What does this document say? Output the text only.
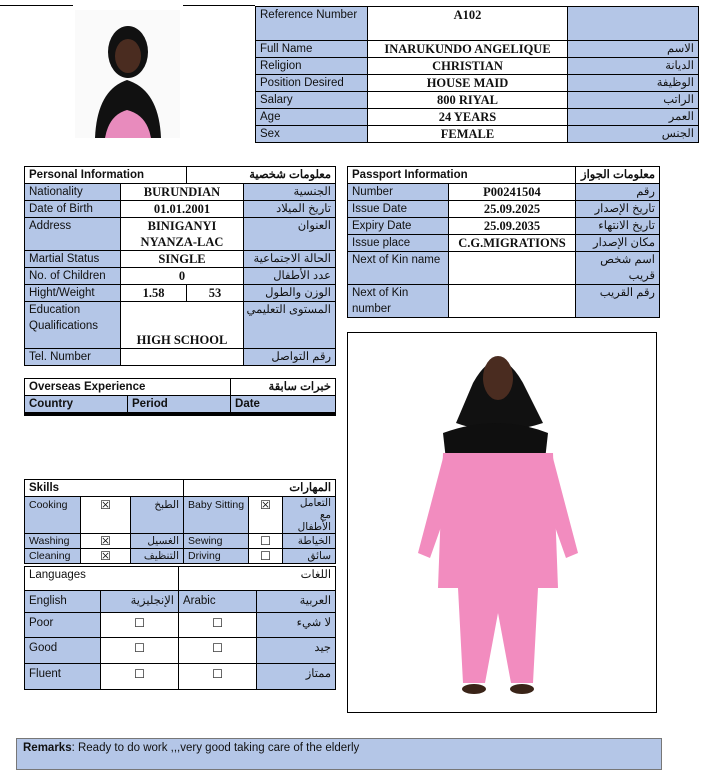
Reference Number	A102	
Full Name	INARUKUNDO ANGELIQUE	الاسم
Religion	CHRISTIAN	الديانة
Position Desired	HOUSE MAID	الوظيفة
Salary	800 RIYAL	الراتب
Age	24 YEARS	العمر
Sex	FEMALE	الجنس
Personal Information		معلومات شخصية	
Nationality	BURUNDIAN		الجنسية
Date of Birth	01.01.2001		تاريخ الميلاد
Address	BINIGANYI
NYANZA-LAC		العنوان
Martial Status	SINGLE		الحالة الاجتماعية
No. of Children	0		عدد الأطفال
Hight/Weight	1.58	53	الوزن والطول
Education Qualifications	HIGH SCHOOL		المستوى التعليمي
Tel. Number			رقم التواصل
Passport Information		معلومات الجواز
Number	P00241504	رقم
Issue Date	25.09.2025	تاريخ الإصدار
Expiry Date	25.09.2035	تاريخ الانتهاء
Issue place	C.G.MIGRATIONS	مكان الإصدار
Next of Kin name		اسم شخص قريب
Next of Kin number		رقم القريب
Overseas Experience		خبرات سابقة
Country	Period	Date

Skills			المهارات		
Cooking	☒	الطبخ	Baby Sitting	☒	التعامل مع الأطفال
Washing	☒	الغسيل	Sewing	☐	الخياطة
Cleaning	☒	التنظيف	Driving	☐	سائق
Languages		اللغات	
English	الإنجليزية	Arabic	العربية
Poor	☐	☐	لا شيء
Good	☐	☐	جيد
Fluent	☐	☐	ممتاز
Remarks: Ready to do work ,,,very good taking care of the elderly
